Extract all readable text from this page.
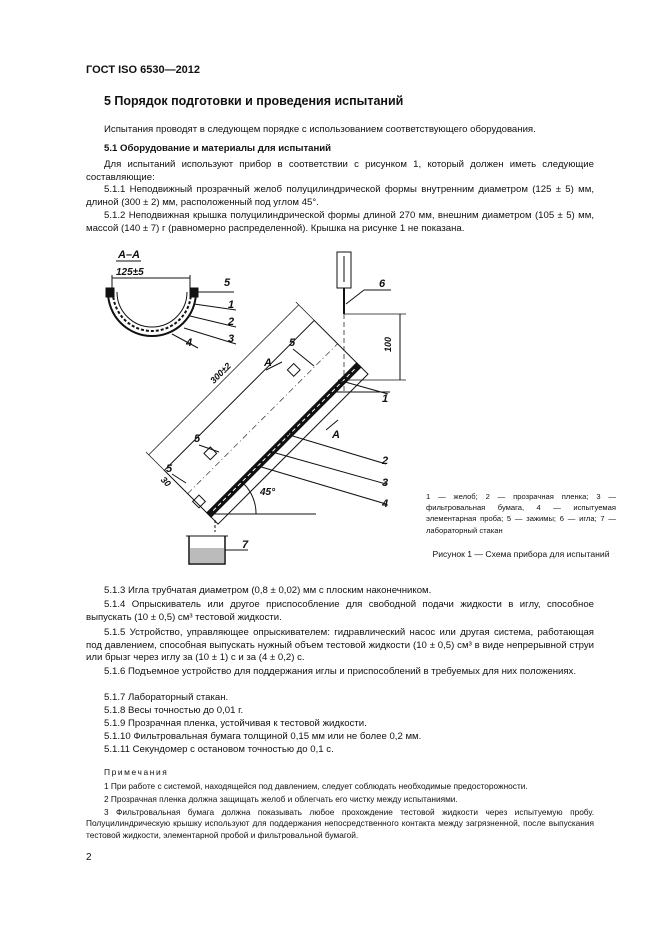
ГОСТ ISO 6530—2012
5 Порядок подготовки и проведения испытаний
Испытания проводят в следующем порядке с использованием соответствующего оборудования.
5.1 Оборудование и материалы для испытаний
Для испытаний используют прибор в соответствии с рисунком 1, который должен иметь следующие составляющие:
5.1.1 Неподвижный прозрачный желоб полуцилиндрической формы внутренним диаметром (125 ± 5) мм, длиной (300 ± 2) мм, расположенный под углом 45°.
5.1.2 Неподвижная крышка полуцилиндрической формы длиной 270 мм, внешним диаметром (105 ± 5) мм, массой (140 ± 7) г (равномерно распределенной). Крышка на рисунке 1 не показана.
A–A
125±5
5
1
2
3
4
6
100
300±2
30
A
A
5
5
5
1
2
3
4
45°
7
1 — желоб; 2 — прозрачная пленка; 3 — фильтровальная бумага, 4 — испытуемая элементарная проба; 5 — зажимы; 6 — игла; 7 — лабораторный стакан
Рисунок 1 — Схема прибора для испытаний
5.1.3 Игла трубчатая диаметром (0,8 ± 0,02) мм с плоским наконечником.
5.1.4 Опрыскиватель или другое приспособление для свободной подачи жидкости в иглу, способное выпускать (10 ± 0,5) см³ тестовой жидкости.
5.1.5 Устройство, управляющее опрыскивателем: гидравлический насос или другая система, работающая под давлением, способная выпускать нужный объем тестовой жидкости (10 ± 0,5) см³ в виде непрерывной струи или брызг через иглу за (10 ± 1) с и за (4 ± 0,2) с.
5.1.6 Подъемное устройство для поддержания иглы и приспособлений в требуемых для них положениях.
5.1.7 Лабораторный стакан.
5.1.8 Весы точностью до 0,01 г.
5.1.9 Прозрачная пленка, устойчивая к тестовой жидкости.
5.1.10 Фильтровальная бумага толщиной 0,15 мм или не более 0,2 мм.
5.1.11 Секундомер с остановом точностью до 0,1 с.
Примечания
1 При работе с системой, находящейся под давлением, следует соблюдать необходимые предосторожности.
2 Прозрачная пленка должна защищать желоб и облегчать его чистку между испытаниями.
3 Фильтровальная бумага должна показывать любое прохождение тестовой жидкости через испытуемую пробу. Полуцилиндрическую крышку используют для поддержания непосредственного контакта между загрязненной, после выпускания тестовой жидкости, элементарной пробой и фильтровальной бумагой.
2
